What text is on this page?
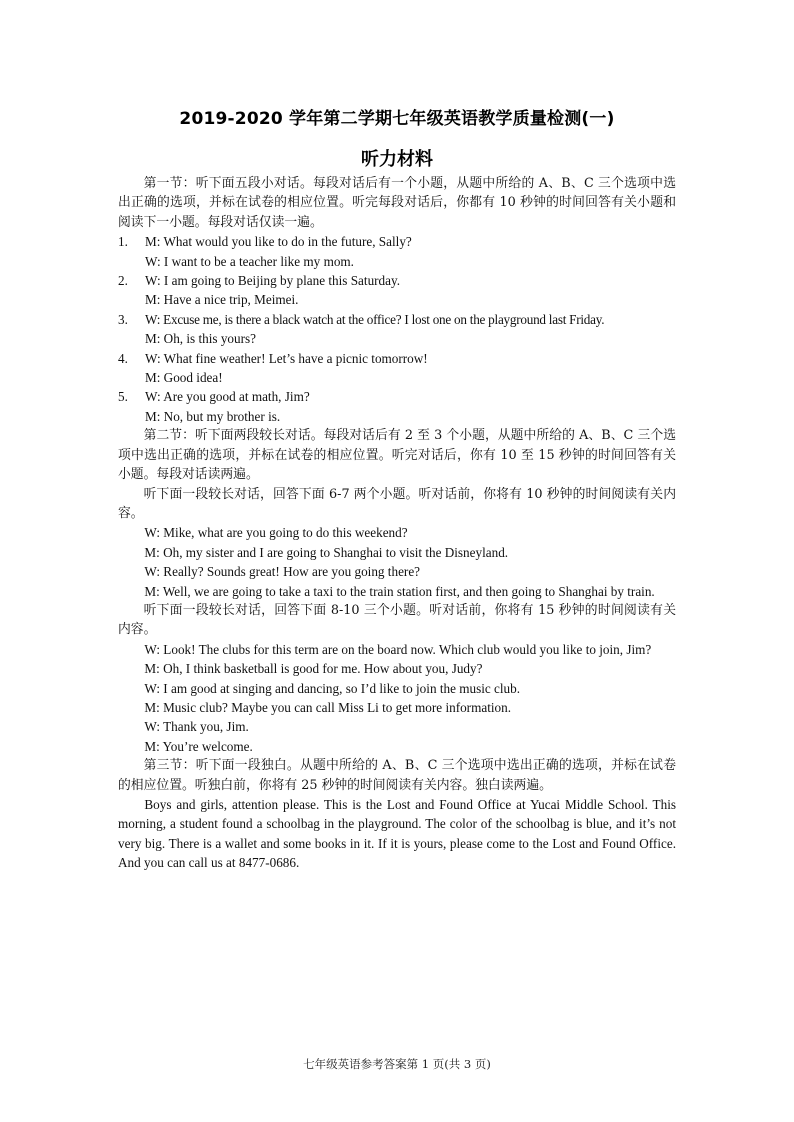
2019-2020 学年第二学期七年级英语教学质量检测(一)
听力材料

第一节：听下面五段小对话。每段对话后有一个小题，从题中所给的 A、B、C 三个选项中选出正确的选项，并标在试卷的相应位置。听完每段对话后，你都有 10 秒钟的时间回答有关小题和阅读下一小题。每段对话仅读一遍。

1. M: What would you like to do in the future, Sally?

W: I want to be a teacher like my mom.

2. W: I am going to Beijing by plane this Saturday.

M: Have a nice trip, Meimei.

3. W: Excuse me, is there a black watch at the office? I lost one on the playground last Friday.

M: Oh, is this yours?

4. W: What fine weather! Let’s have a picnic tomorrow!

M: Good idea!

5. W: Are you good at math, Jim?

M: No, but my brother is.

第二节：听下面两段较长对话。每段对话后有 2 至 3 个小题，从题中所给的 A、B、C 三个选项中选出正确的选项，并标在试卷的相应位置。听完对话后，你有 10 至 15 秒钟的时间回答有关小题。每段对话读两遍。

听下面一段较长对话，回答下面 6-7 两个小题。听对话前，你将有 10 秒钟的时间阅读有关内容。

W: Mike, what are you going to do this weekend?

M: Oh, my sister and I are going to Shanghai to visit the Disneyland.

W: Really? Sounds great! How are you going there?

M: Well, we are going to take a taxi to the train station first, and then going to Shanghai by train.

听下面一段较长对话，回答下面 8-10 三个小题。听对话前，你将有 15 秒钟的时间阅读有关内容。

W: Look! The clubs for this term are on the board now. Which club would you like to join, Jim?

M: Oh, I think basketball is good for me. How about you, Judy?

W: I am good at singing and dancing, so I’d like to join the music club.

M: Music club? Maybe you can call Miss Li to get more information.

W: Thank you, Jim.

M: You’re welcome.

第三节：听下面一段独白。从题中所给的 A、B、C 三个选项中选出正确的选项，并标在试卷的相应位置。听独白前，你将有 25 秒钟的时间阅读有关内容。独白读两遍。

Boys and girls, attention please. This is the Lost and Found Office at Yucai Middle School. This morning, a student found a schoolbag in the playground. The color of the schoolbag is blue, and it’s not very big. There is a wallet and some books in it. If it is yours, please come to the Lost and Found Office. And you can call us at 8477-0686.

七年级英语参考答案第 1 页(共 3 页)
